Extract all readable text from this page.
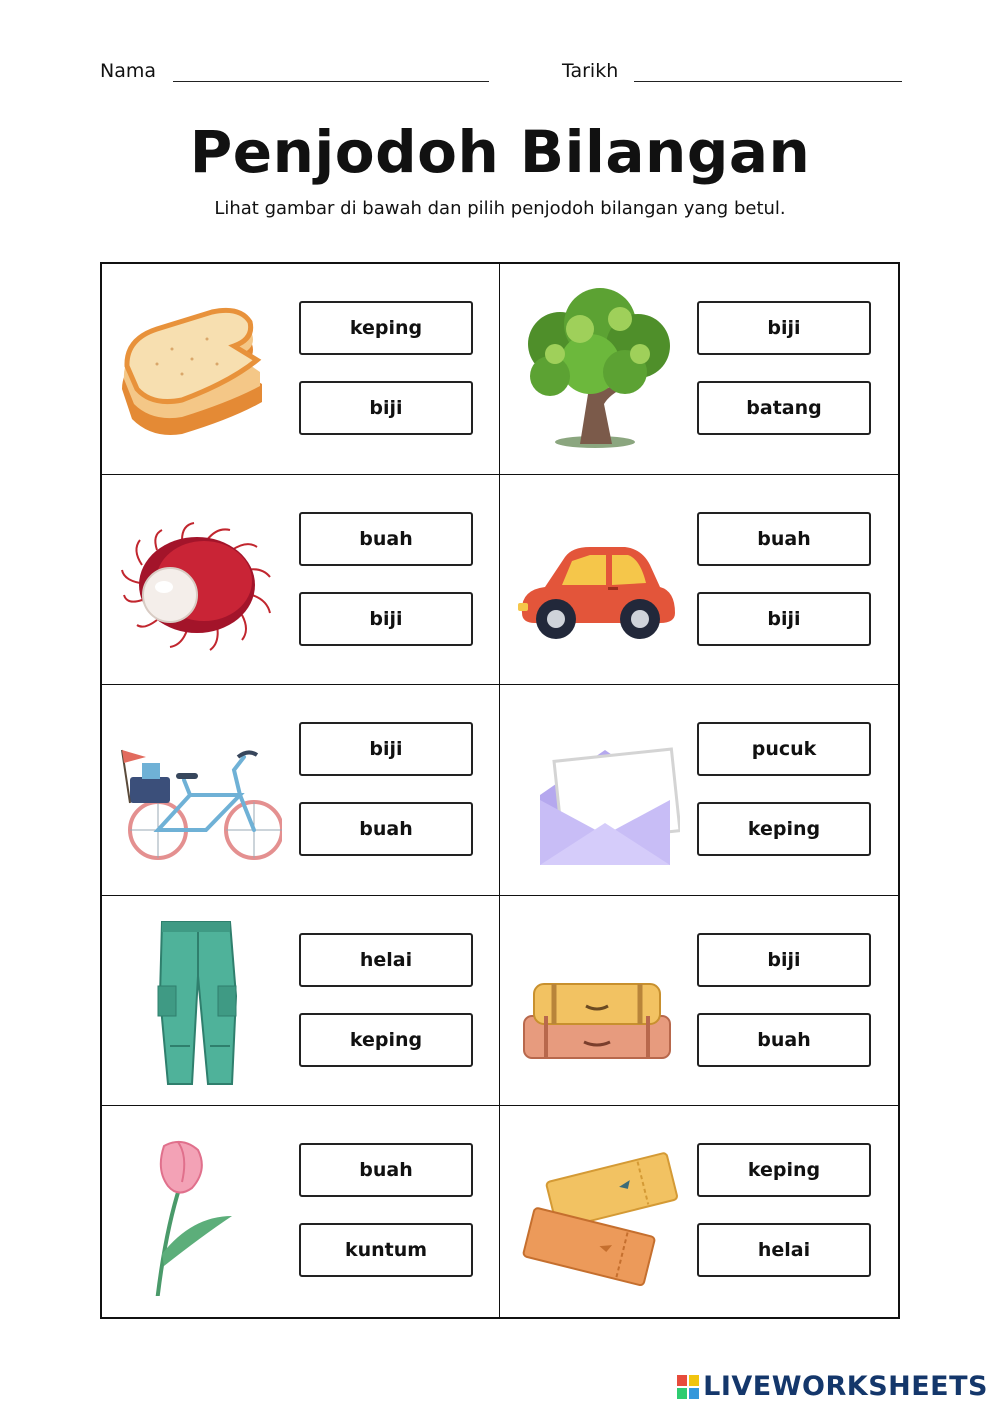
Nama	Tarikh
Penjodoh Bilangan
Lihat gambar di bawah dan pilih penjodoh bilangan yang betul.
keping
biji
biji
batang
buah
biji
buah
biji
biji
buah
pucuk
keping
helai
keping
biji
buah
buah
kuntum
keping
helai
LIVEWORKSHEETS
